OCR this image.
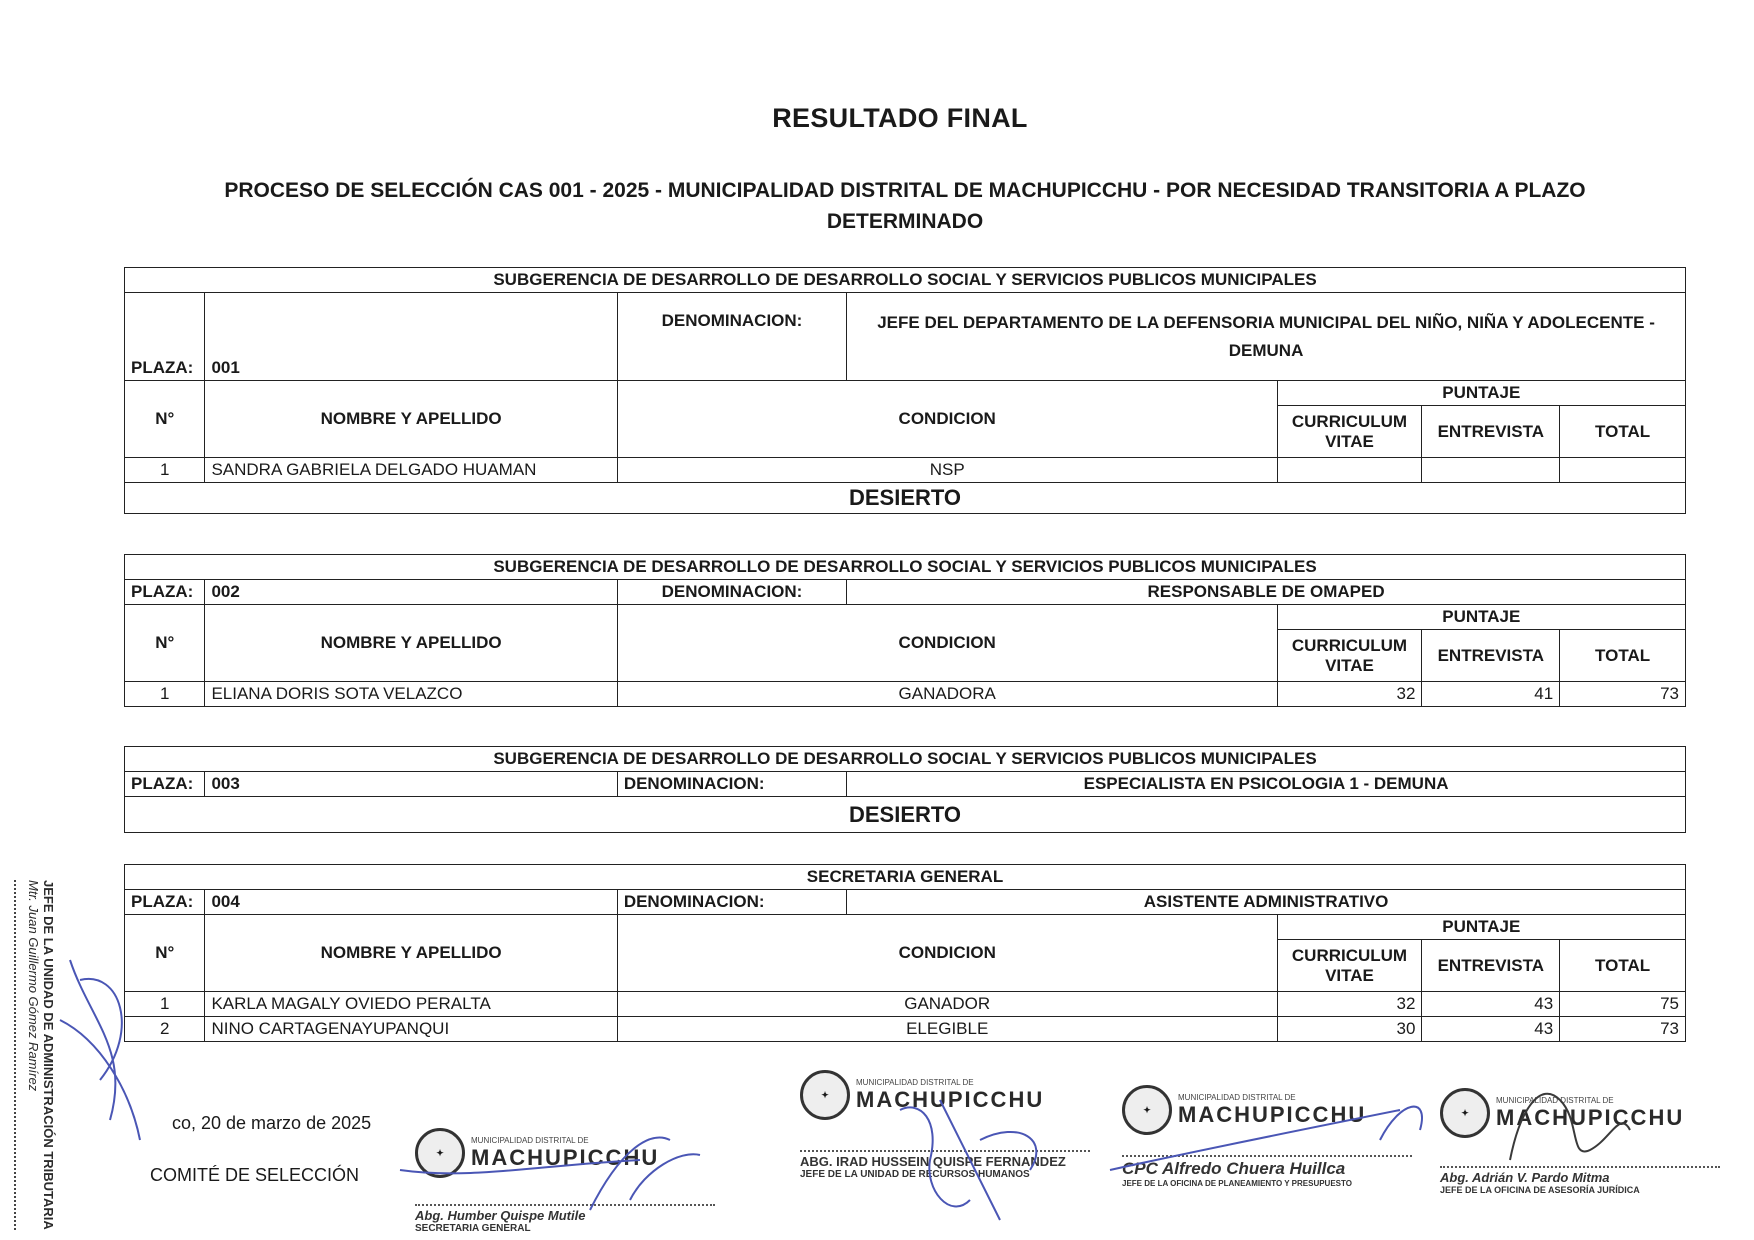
RESULTADO FINAL
PROCESO DE SELECCIÓN CAS 001 - 2025 - MUNICIPALIDAD DISTRITAL DE MACHUPICCHU - POR NECESIDAD TRANSITORIA A PLAZO DETERMINADO
SUBGERENCIA DE DESARROLLO DE DESARROLLO SOCIAL Y SERVICIOS PUBLICOS MUNICIPALES						
PLAZA:	001	DENOMINACION:	JEFE DEL DEPARTAMENTO DE LA DEFENSORIA MUNICIPAL DEL NIÑO, NIÑA Y ADOLECENTE - DEMUNA			
N°	NOMBRE Y APELLIDO	CONDICION		PUNTAJE		
				CURRICULUM VITAE	ENTREVISTA	TOTAL
1	SANDRA GABRIELA DELGADO HUAMAN	NSP				
DESIERTO						
SUBGERENCIA DE DESARROLLO DE DESARROLLO SOCIAL Y SERVICIOS PUBLICOS MUNICIPALES						
PLAZA:	002	DENOMINACION:	RESPONSABLE DE OMAPED			
N°	NOMBRE Y APELLIDO	CONDICION		PUNTAJE		
				CURRICULUM VITAE	ENTREVISTA	TOTAL
1	ELIANA DORIS SOTA VELAZCO	GANADORA		32	41	73
SUBGERENCIA DE DESARROLLO DE DESARROLLO SOCIAL Y SERVICIOS PUBLICOS MUNICIPALES
PLAZA:	003	DENOMINACION:	ESPECIALISTA EN PSICOLOGIA 1 - DEMUNA
DESIERTO
SECRETARIA GENERAL						
PLAZA:	004	DENOMINACION:	ASISTENTE ADMINISTRATIVO			
N°	NOMBRE Y APELLIDO	CONDICION		PUNTAJE		
				CURRICULUM VITAE	ENTREVISTA	TOTAL
1	KARLA MAGALY OVIEDO PERALTA	GANADOR		32	43	75
2	NINO CARTAGENAYUPANQUI	ELEGIBLE		30	43	73
co, 20 de marzo de 2025
COMITÉ DE SELECCIÓN
JEFE DE LA UNIDAD DE ADMINISTRACIÓN TRIBUTARIA
Mtr. Juan Guillermo Gómez Ramírez
✦
MUNICIPALIDAD DISTRITAL DE
MACHUPICCHU
Abg. Humber Quispe Mutile
SECRETARIA GENERAL
✦
MUNICIPALIDAD DISTRITAL DE
MACHUPICCHU
ABG. IRAD HUSSEIN QUISPE FERNANDEZ
JEFE DE LA UNIDAD DE RECURSOS HUMANOS
✦
MUNICIPALIDAD DISTRITAL DE
MACHUPICCHU
CPC Alfredo Chuera Huillca
JEFE DE LA OFICINA DE PLANEAMIENTO Y PRESUPUESTO
✦
MUNICIPALIDAD DISTRITAL DE
MACHUPICCHU
Abg. Adrián V. Pardo Mitma
JEFE DE LA OFICINA DE ASESORÍA JURÍDICA
